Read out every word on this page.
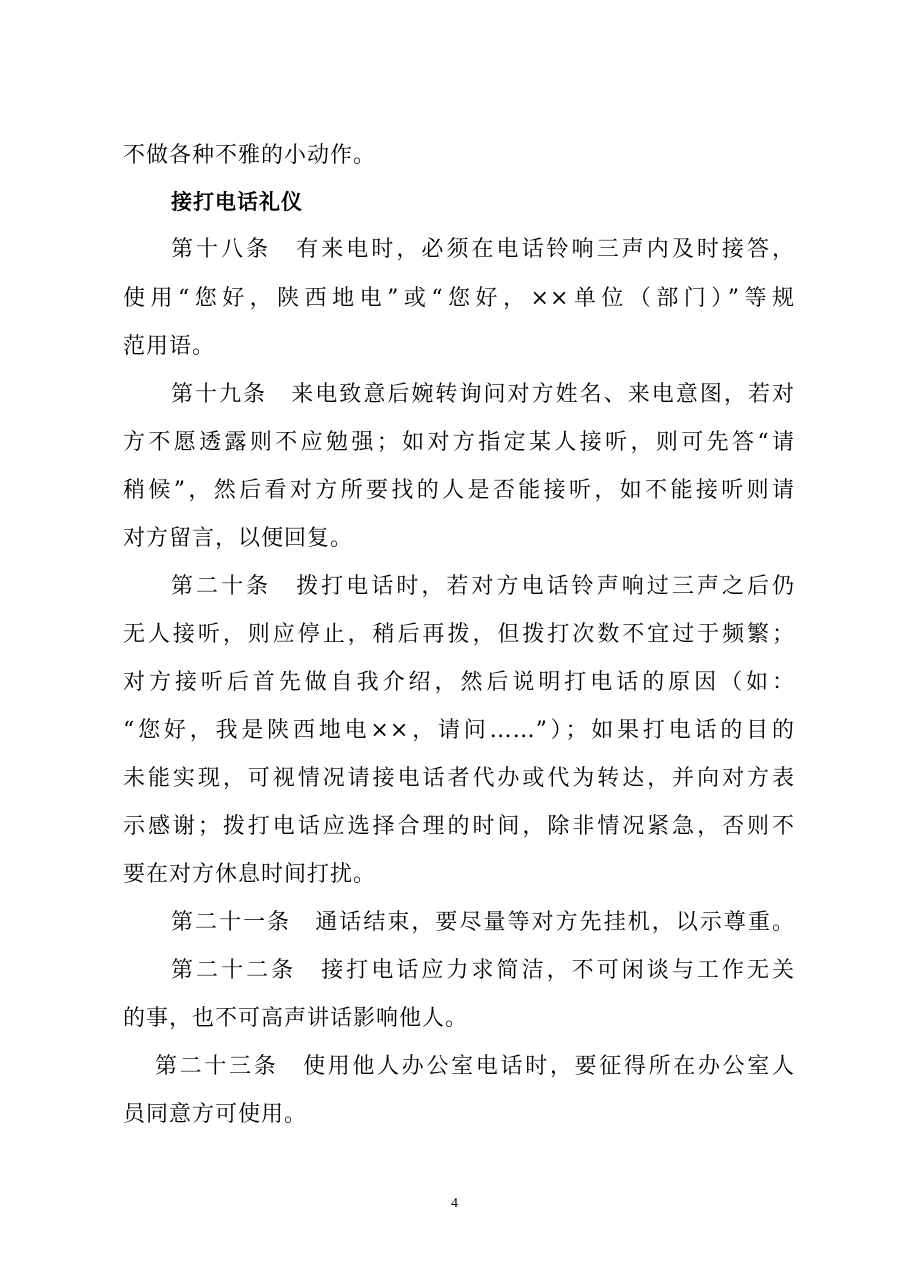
不做各种不雅的小动作。
接打电话礼仪
第十八条　有来电时，必须在电话铃响三声内及时接答，
使用“您好，陕西地电”或“您好，××单位（部门）”等规
范用语。
第十九条　来电致意后婉转询问对方姓名、来电意图，若对
方不愿透露则不应勉强；如对方指定某人接听，则可先答“请
稍候”，然后看对方所要找的人是否能接听，如不能接听则请
对方留言，以便回复。
第二十条　拨打电话时，若对方电话铃声响过三声之后仍
无人接听，则应停止，稍后再拨，但拨打次数不宜过于频繁；
对方接听后首先做自我介绍，然后说明打电话的原因（如：
“您好，我是陕西地电××，请问……”）；如果打电话的目的
未能实现，可视情况请接电话者代办或代为转达，并向对方表
示感谢；拨打电话应选择合理的时间，除非情况紧急，否则不
要在对方休息时间打扰。
第二十一条　通话结束，要尽量等对方先挂机，以示尊重。
第二十二条　接打电话应力求简洁，不可闲谈与工作无关
的事，也不可高声讲话影响他人。
第二十三条　使用他人办公室电话时，要征得所在办公室人
员同意方可使用。
4
